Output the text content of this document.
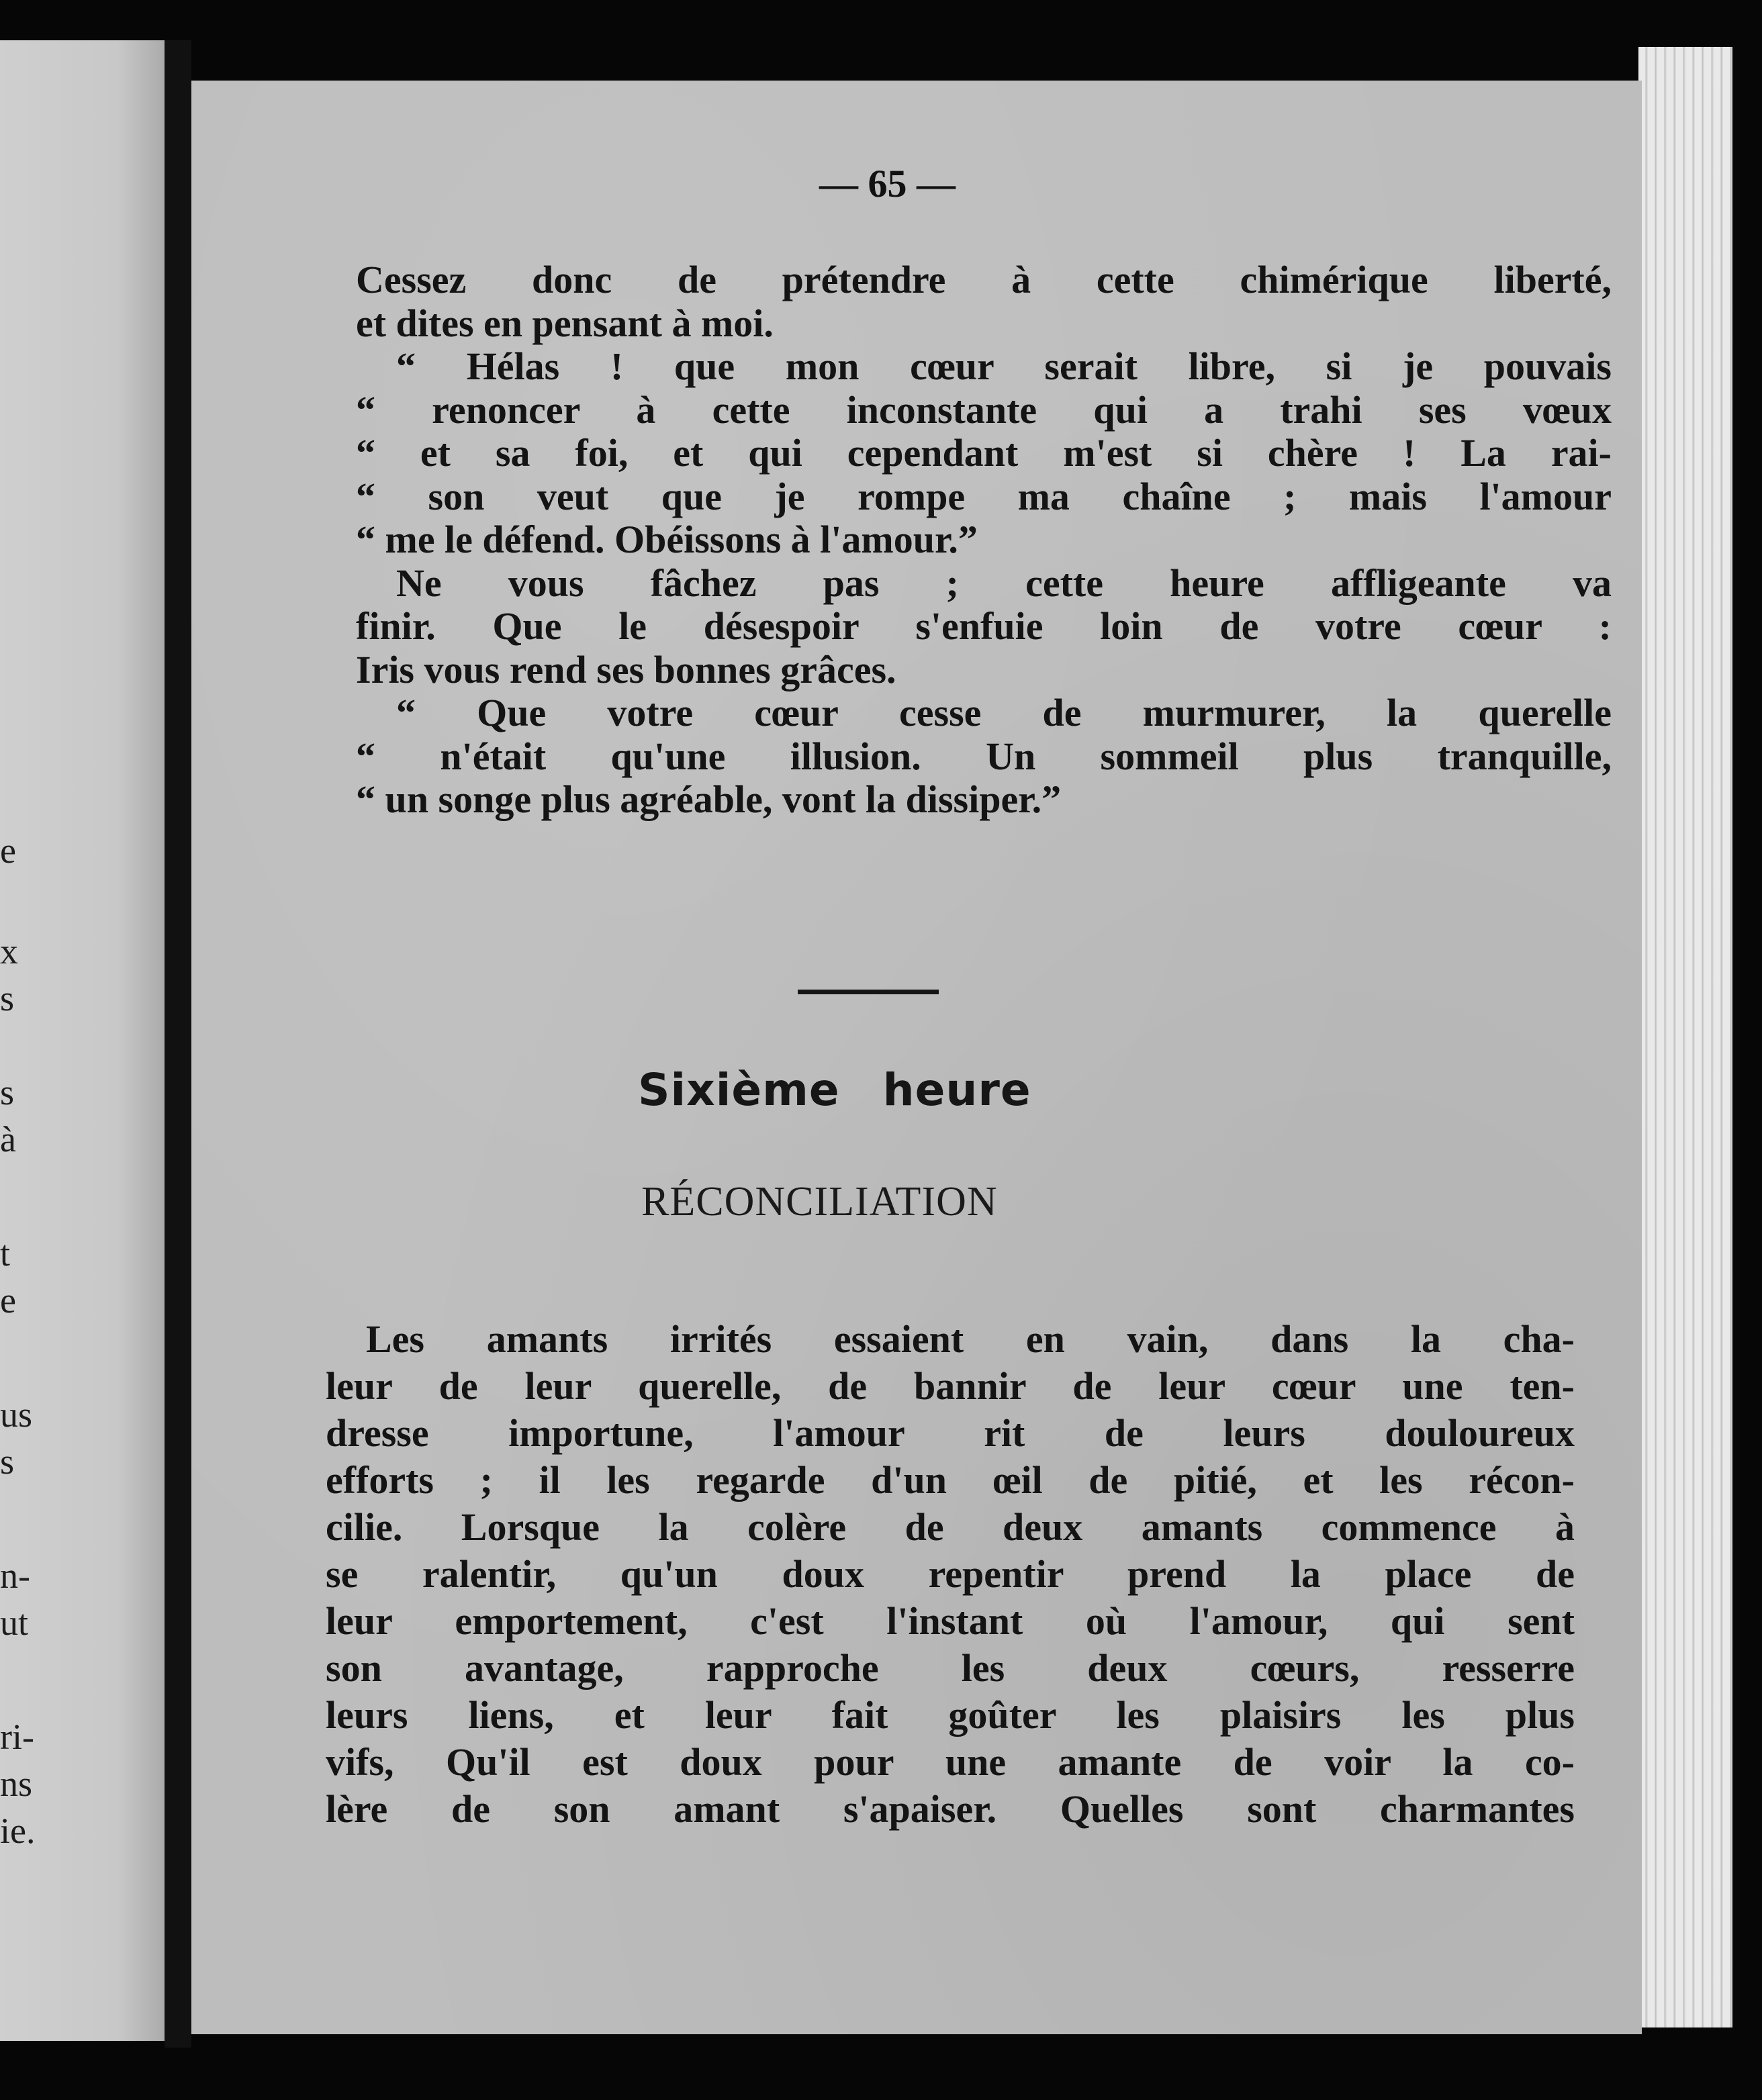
e
x
s
s
à
t
e
us
s
n-
ut
ri-
ns
ie.
— 65 —
Cessez donc de prétendre à cette chimérique liberté,
et dites en pensant à moi.
“ Hélas ! que mon cœur serait libre, si je pouvais
“ renoncer à cette inconstante qui a trahi ses vœux
“ et sa foi, et qui cependant m'est si chère ! La rai-
“ son veut que je rompe ma chaîne ; mais l'amour
“ me le défend. Obéissons à l'amour.”
Ne vous fâchez pas ; cette heure affligeante va
finir. Que le désespoir s'enfuie loin de votre cœur :
Iris vous rend ses bonnes grâces.
“ Que votre cœur cesse de murmurer, la querelle
“ n'était qu'une illusion. Un sommeil plus tranquille,
“ un songe plus agréable, vont la dissiper.”
Sixième heure
RÉCONCILIATION
Les amants irrités essaient en vain, dans la cha-
leur de leur querelle, de bannir de leur cœur une ten-
dresse importune, l'amour rit de leurs douloureux
efforts ; il les regarde d'un œil de pitié, et les récon-
cilie. Lorsque la colère de deux amants commence à
se ralentir, qu'un doux repentir prend la place de
leur emportement, c'est l'instant où l'amour, qui sent
son avantage, rapproche les deux cœurs, resserre
leurs liens, et leur fait goûter les plaisirs les plus
vifs, Qu'il est doux pour une amante de voir la co-
lère de son amant s'apaiser. Quelles sont charmantes
